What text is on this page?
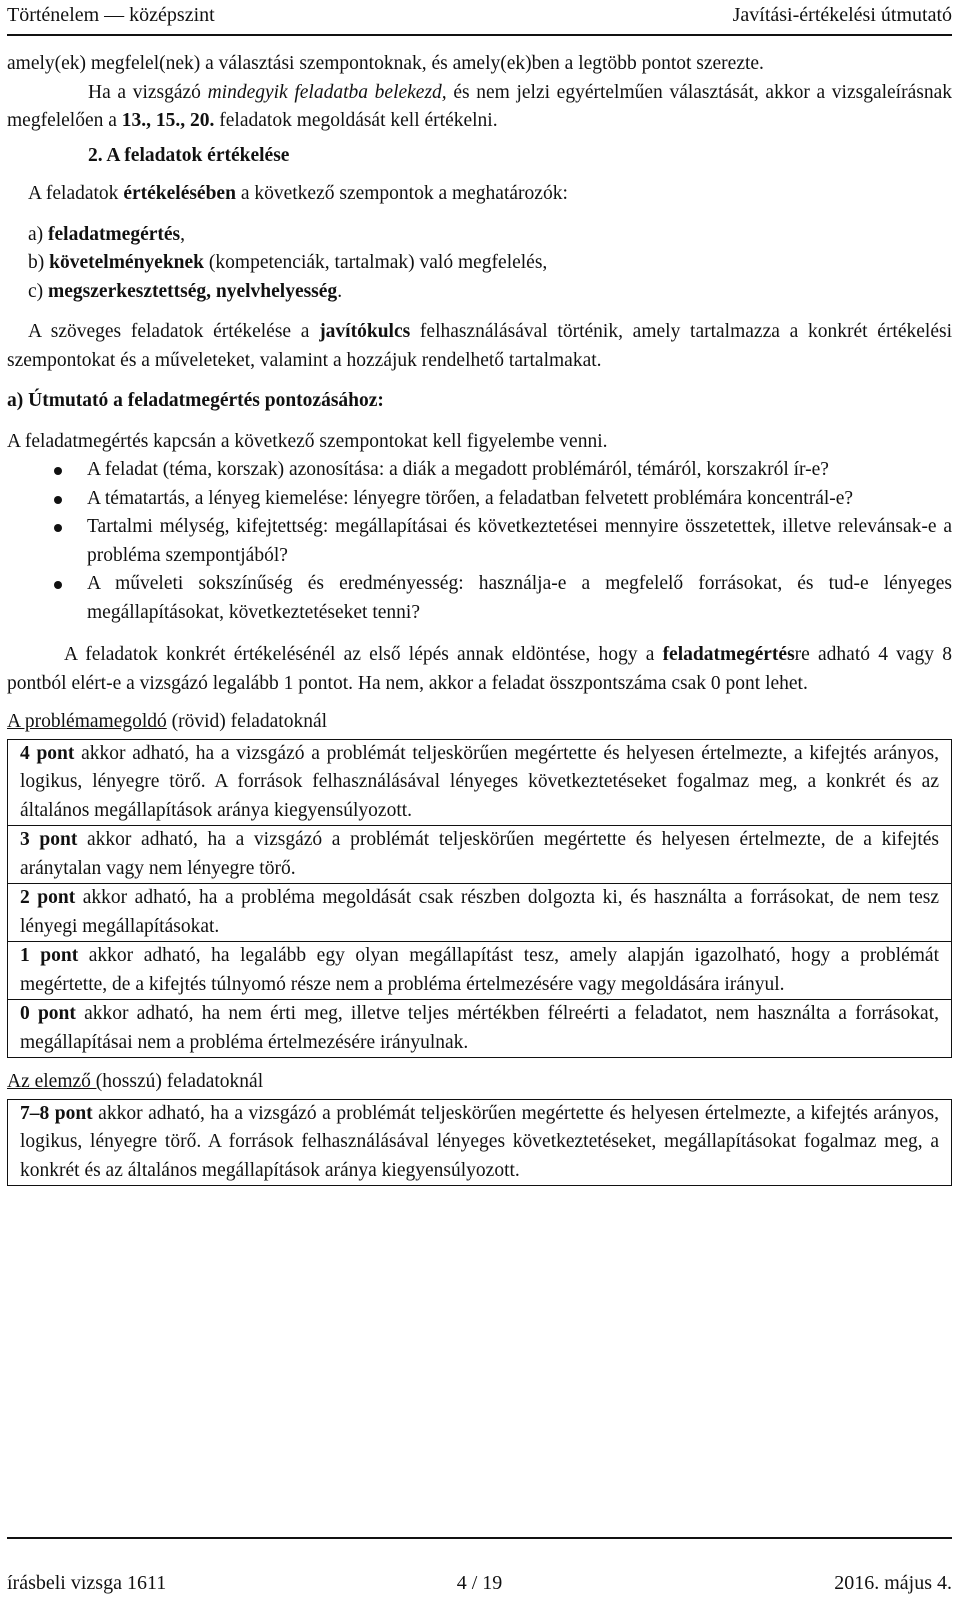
Történelem — középszint	Javítási-értékelési útmutató

amely(ek) megfelel(nek) a választási szempontoknak, és amely(ek)ben a legtöbb pontot szerezte.

Ha a vizsgázó mindegyik feladatba belekezd, és nem jelzi egyértelműen választását, akkor a vizsgaleírásnak megfelelően a 13., 15., 20. feladatok megoldását kell értékelni.

2. A feladatok értékelése

A feladatok értékelésében a következő szempontok a meghatározók:

a) feladatmegértés,

b) követelményeknek (kompetenciák, tartalmak) való megfelelés,

c) megszerkesztettség, nyelvhelyesség.

A szöveges feladatok értékelése a javítókulcs felhasználásával történik, amely tartalmazza a konkrét értékelési szempontokat és a műveleteket, valamint a hozzájuk rendelhető tartalmakat.

a) Útmutató a feladatmegértés pontozásához:

A feladatmegértés kapcsán a következő szempontokat kell figyelembe venni.

A feladat (téma, korszak) azonosítása: a diák a megadott problémáról, témáról, korszakról ír-e?
A tématartás, a lényeg kiemelése: lényegre törően, a feladatban felvetett problémára koncentrál-e?
Tartalmi mélység, kifejtettség: megállapításai és következtetései mennyire összetettek, illetve relevánsak-e a probléma szempontjából?
A műveleti sokszínűség és eredményesség: használja-e a megfelelő forrásokat, és tud-e lényeges megállapításokat, következtetéseket tenni?

A feladatok konkrét értékelésénél az első lépés annak eldöntése, hogy a feladatmegértésre adható 4 vagy 8 pontból elért-e a vizsgázó legalább 1 pontot. Ha nem, akkor a feladat összpontszáma csak 0 pont lehet.

A problémamegoldó (rövid) feladatoknál

4 pont akkor adható, ha a vizsgázó a problémát teljeskörűen megértette és helyesen értelmezte, a kifejtés arányos, logikus, lényegre törő. A források felhasználásával lényeges következtetéseket fogalmaz meg, a konkrét és az általános megállapítások aránya kiegyensúlyozott.
3 pont akkor adható, ha a vizsgázó a problémát teljeskörűen megértette és helyesen értelmezte, de a kifejtés aránytalan vagy nem lényegre törő.
2 pont akkor adható, ha a probléma megoldását csak részben dolgozta ki, és használta a forrásokat, de nem tesz lényegi megállapításokat.
1 pont akkor adható, ha legalább egy olyan megállapítást tesz, amely alapján igazolható, hogy a problémát megértette, de a kifejtés túlnyomó része nem a probléma értelmezésére vagy megoldására irányul.
0 pont akkor adható, ha nem érti meg, illetve teljes mértékben félreérti a feladatot, nem használta a forrásokat, megállapításai nem a probléma értelmezésére irányulnak.

Az elemző (hosszú) feladatoknál

7–8 pont akkor adható, ha a vizsgázó a problémát teljeskörűen megértette és helyesen értelmezte, a kifejtés arányos, logikus, lényegre törő. A források felhasználásával lényeges következtetéseket, megállapításokat fogalmaz meg, a konkrét és az általános megállapítások aránya kiegyensúlyozott.
írásbeli vizsga 1611	4 / 19	2016. május 4.
